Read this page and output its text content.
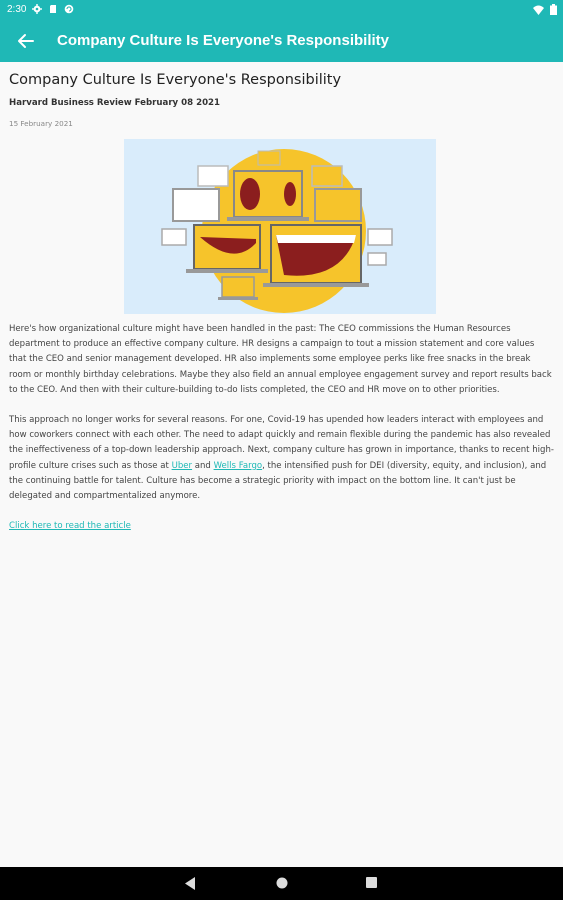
2:30
Company Culture Is Everyone's Responsibility
Company Culture Is Everyone's Responsibility
Harvard Business Review February 08 2021
15 February 2021

Here's how organizational culture might have been handled in the past: The CEO commissions the Human Resources department to produce an effective company culture. HR designs a campaign to tout a mission statement and core values that the CEO and senior management developed. HR also implements some employee perks like free snacks in the break room or monthly birthday celebrations. Maybe they also field an annual employee engagement survey and report results back to the CEO. And then with their culture-building to-do lists completed, the CEO and HR move on to other priorities.

This approach no longer works for several reasons. For one, Covid-19 has upended how leaders interact with employees and how coworkers connect with each other. The need to adapt quickly and remain flexible during the pandemic has also revealed the ineffectiveness of a top-down leadership approach. Next, company culture has grown in importance, thanks to recent high-profile culture crises such as those at Uber and Wells Fargo, the intensified push for DEI (diversity, equity, and inclusion), and the continuing battle for talent. Culture has become a strategic priority with impact on the bottom line. It can't just be delegated and compartmentalized anymore.

Click here to read the article
